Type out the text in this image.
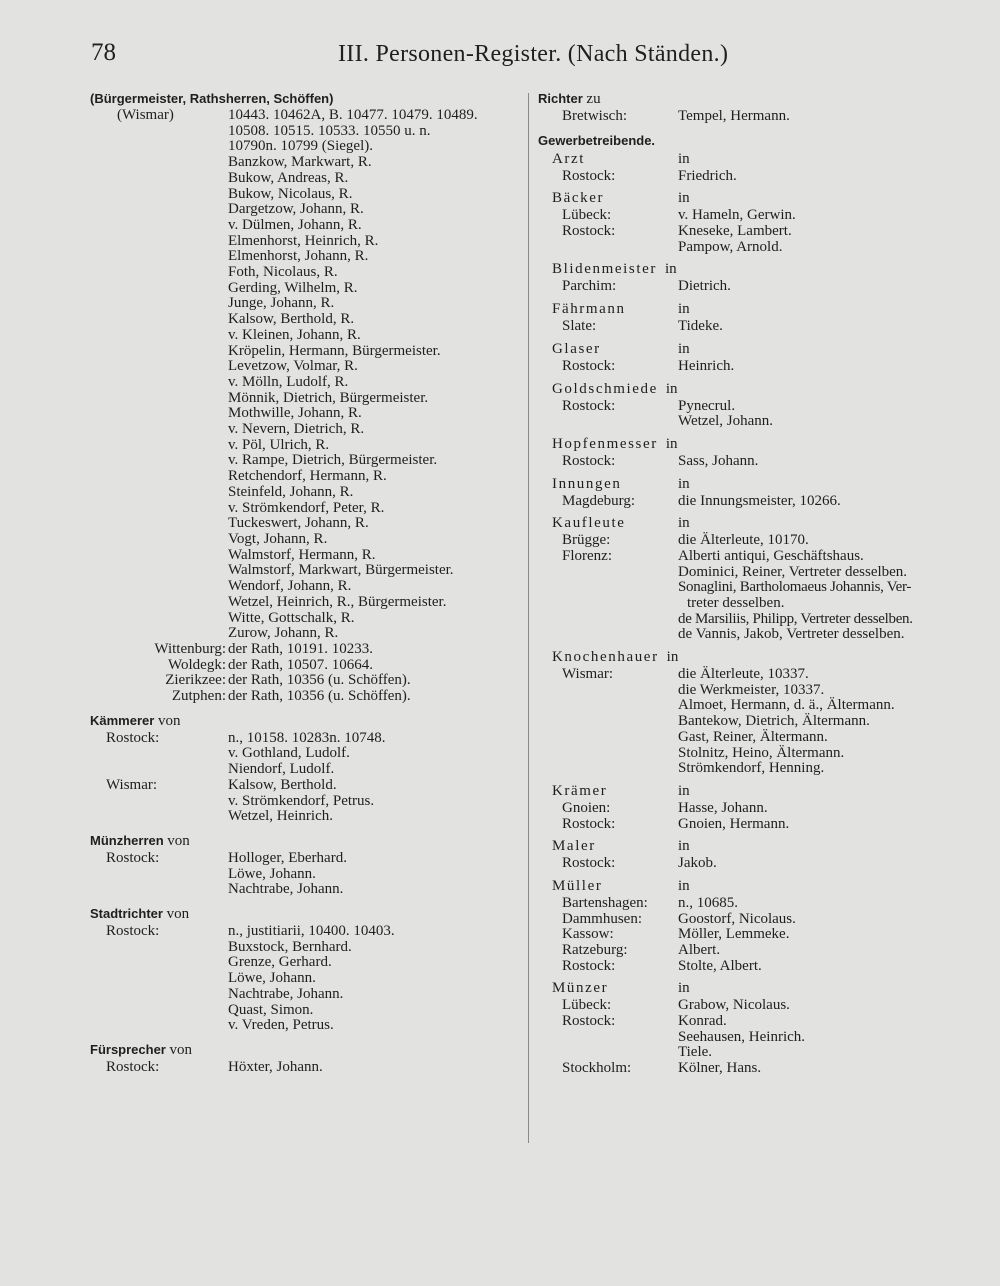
78	III. Personen-Register. (Nach Ständen.)
(Bürgermeister, Rathsherren, Schöffen)
(Wismar)	10443. 10462A, B. 10477. 10479. 10489.
10508. 10515. 10533. 10550 u. n.
10790n. 10799 (Siegel).
Banzkow, Markwart, R.
Bukow, Andreas, R.
Bukow, Nicolaus, R.
Dargetzow, Johann, R.
v. Dülmen, Johann, R.
Elmenhorst, Heinrich, R.
Elmenhorst, Johann, R.
Foth, Nicolaus, R.
Gerding, Wilhelm, R.
Junge, Johann, R.
Kalsow, Berthold, R.
v. Kleinen, Johann, R.
Kröpelin, Hermann, Bürgermeister.
Levetzow, Volmar, R.
v. Mölln, Ludolf, R.
Mönnik, Dietrich, Bürgermeister.
Mothwille, Johann, R.
v. Nevern, Dietrich, R.
v. Pöl, Ulrich, R.
v. Rampe, Dietrich, Bürgermeister.
Retchendorf, Hermann, R.
Steinfeld, Johann, R.
v. Strömkendorf, Peter, R.
Tuckeswert, Johann, R.
Vogt, Johann, R.
Walmstorf, Hermann, R.
Walmstorf, Markwart, Bürgermeister.
Wendorf, Johann, R.
Wetzel, Heinrich, R., Bürgermeister.
Witte, Gottschalk, R.
Zurow, Johann, R.
Wittenburg: der Rath, 10191. 10233.
Woldegk: der Rath, 10507. 10664.
Zierikzee: der Rath, 10356 (u. Schöffen).
Zutphen: der Rath, 10356 (u. Schöffen).
Kämmerer von
Rostock:	n., 10158. 10283n. 10748.
v. Gothland, Ludolf.
Niendorf, Ludolf.
Wismar:	Kalsow, Berthold.
v. Strömkendorf, Petrus.
Wetzel, Heinrich.
Münzherren von
Rostock:	Holloger, Eberhard.
Löwe, Johann.
Nachtrabe, Johann.
Stadtrichter von
Rostock:	n., justitiarii, 10400. 10403.
Buxstock, Bernhard.
Grenze, Gerhard.
Löwe, Johann.
Nachtrabe, Johann.
Quast, Simon.
v. Vreden, Petrus.
Fürsprecher von
Rostock:	Höxter, Johann.
Richter zu
Bretwisch:	Tempel, Hermann.
Gewerbetreibende.
Arzt	in
Rostock:	Friedrich.
Bäcker	in
Lübeck:	v. Hameln, Gerwin.
Rostock:	Kneseke, Lambert.
Pampow, Arnold.
Blidenmeister in
Parchim:	Dietrich.
Fährmann	in
Slate:	Tideke.
Glaser	in
Rostock:	Heinrich.
Goldschmiede in
Rostock:	Pynecrul.
Wetzel, Johann.
Hopfenmesser in
Rostock:	Sass, Johann.
Innungen	in
Magdeburg:	die Innungsmeister, 10266.
Kaufleute	in
Brügge:	die Älterleute, 10170.
Florenz:	Alberti antiqui, Geschäftshaus.
Dominici, Reiner, Vertreter desselben.
Sonaglini, Bartholomaeus Johannis, Ver-
treter desselben.
de Marsiliis, Philipp, Vertreter desselben.
de Vannis, Jakob, Vertreter desselben.
Knochenhauer in
Wismar:	die Älterleute, 10337.
die Werkmeister, 10337.
Almoet, Hermann, d. ä., Ältermann.
Bantekow, Dietrich, Ältermann.
Gast, Reiner, Ältermann.
Stolnitz, Heino, Ältermann.
Strömkendorf, Henning.
Krämer	in
Gnoien:	Hasse, Johann.
Rostock:	Gnoien, Hermann.
Maler	in
Rostock:	Jakob.
Müller	in
Bartenshagen: n., 10685.
Dammhusen: Goostorf, Nicolaus.
Kassow:	Möller, Lemmeke.
Ratzeburg:	Albert.
Rostock:	Stolte, Albert.
Münzer	in
Lübeck:	Grabow, Nicolaus.
Rostock:	Konrad.
Seehausen, Heinrich.
Tiele.
Stockholm:	Kölner, Hans.
